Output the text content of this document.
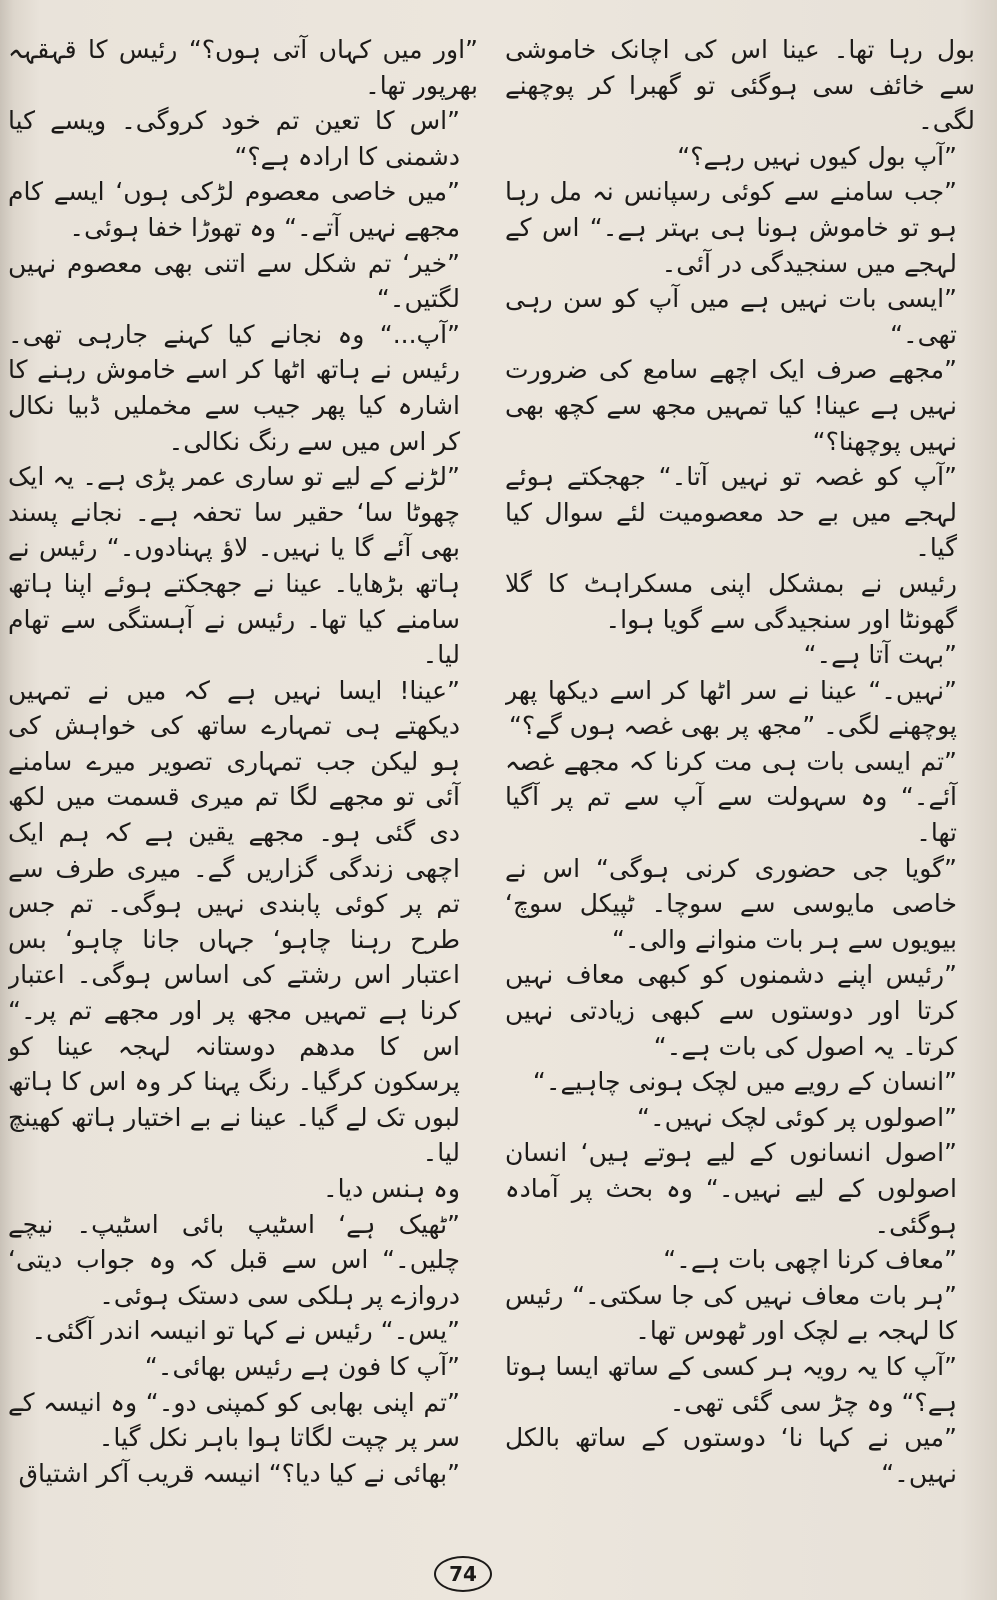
بول رہا تھا۔ عینا اس کی اچانک خاموشی سے خائف سی ہوگئی تو گھبرا کر پوچھنے لگی۔

”آپ بول کیوں نہیں رہے؟“

”جب سامنے سے کوئی رسپانس نہ مل رہا ہو تو خاموش ہونا ہی بہتر ہے۔“ اس کے لہجے میں سنجیدگی در آئی۔

”ایسی بات نہیں ہے میں آپ کو سن رہی تھی۔“

”مجھے صرف ایک اچھے سامع کی ضرورت نہیں ہے عینا! کیا تمہیں مجھ سے کچھ بھی نہیں پوچھنا؟“

”آپ کو غصہ تو نہیں آتا۔“ جھجکتے ہوئے لہجے میں بے حد معصومیت لئے سوال کیا گیا۔

رئیس نے بمشکل اپنی مسکراہٹ کا گلا گھونٹا اور سنجیدگی سے گویا ہوا۔

”بہت آتا ہے۔“

”نہیں۔“ عینا نے سر اٹھا کر اسے دیکھا پھر پوچھنے لگی۔ ”مجھ پر بھی غصہ ہوں گے؟“

”تم ایسی بات ہی مت کرنا کہ مجھے غصہ آئے۔“ وہ سہولت سے آپ سے تم پر آگیا تھا۔

”گویا جی حضوری کرنی ہوگی“ اس نے خاصی مایوسی سے سوچا۔ ٹپیکل سوچ‘ بیویوں سے ہر بات منوانے والی۔“

”رئیس اپنے دشمنوں کو کبھی معاف نہیں کرتا اور دوستوں سے کبھی زیادتی نہیں کرتا۔ یہ اصول کی بات ہے۔“

”انسان کے رویے میں لچک ہونی چاہیے۔“

”اصولوں پر کوئی لچک نہیں۔“

”اصول انسانوں کے لیے ہوتے ہیں‘ انسان اصولوں کے لیے نہیں۔“ وہ بحث پر آمادہ ہوگئی۔

”معاف کرنا اچھی بات ہے۔“

”ہر بات معاف نہیں کی جا سکتی۔“ رئیس کا لہجہ بے لچک اور ٹھوس تھا۔

”آپ کا یہ رویہ ہر کسی کے ساتھ ایسا ہوتا ہے؟“ وہ چڑ سی گئی تھی۔

”میں نے کہا نا‘ دوستوں کے ساتھ بالکل نہیں۔“

”اور میں کہاں آتی ہوں؟“ رئیس کا قہقہہ بھرپور تھا۔

”اس کا تعین تم خود کروگی۔ ویسے کیا دشمنی کا ارادہ ہے؟“

”میں خاصی معصوم لڑکی ہوں‘ ایسے کام مجھے نہیں آتے۔“ وہ تھوڑا خفا ہوئی۔

”خیر‘ تم شکل سے اتنی بھی معصوم نہیں لگتیں۔“

”آپ...“ وہ نجانے کیا کہنے جارہی تھی۔ رئیس نے ہاتھ اٹھا کر اسے خاموش رہنے کا اشارہ کیا پھر جیب سے مخملیں ڈبیا نکال کر اس میں سے رنگ نکالی۔

”لڑنے کے لیے تو ساری عمر پڑی ہے۔ یہ ایک چھوٹا سا‘ حقیر سا تحفہ ہے۔ نجانے پسند بھی آئے گا یا نہیں۔ لاؤ پہنادوں۔“ رئیس نے ہاتھ بڑھایا۔ عینا نے جھجکتے ہوئے اپنا ہاتھ سامنے کیا تھا۔ رئیس نے آہستگی سے تھام لیا۔

”عینا! ایسا نہیں ہے کہ میں نے تمہیں دیکھتے ہی تمہارے ساتھ کی خواہش کی ہو لیکن جب تمہاری تصویر میرے سامنے آئی تو مجھے لگا تم میری قسمت میں لکھ دی گئی ہو۔ مجھے یقین ہے کہ ہم ایک اچھی زندگی گزاریں گے۔ میری طرف سے تم پر کوئی پابندی نہیں ہوگی۔ تم جس طرح رہنا چاہو‘ جہاں جانا چاہو‘ بس اعتبار اس رشتے کی اساس ہوگی۔ اعتبار کرنا ہے تمہیں مجھ پر اور مجھے تم پر۔“ اس کا مدھم دوستانہ لہجہ عینا کو پرسکون کرگیا۔ رنگ پہنا کر وہ اس کا ہاتھ لبوں تک لے گیا۔ عینا نے بے اختیار ہاتھ کھینچ لیا۔

وہ ہنس دیا۔

”ٹھیک ہے‘ اسٹیپ بائی اسٹیپ۔ نیچے چلیں۔“ اس سے قبل کہ وہ جواب دیتی‘ دروازے پر ہلکی سی دستک ہوئی۔

”یس۔“ رئیس نے کہا تو انیسہ اندر آگئی۔

”آپ کا فون ہے رئیس بھائی۔“

”تم اپنی بھابی کو کمپنی دو۔“ وہ انیسہ کے سر پر چپت لگاتا ہوا باہر نکل گیا۔

”بھائی نے کیا دیا؟“ انیسہ قریب آکر اشتیاق

74
